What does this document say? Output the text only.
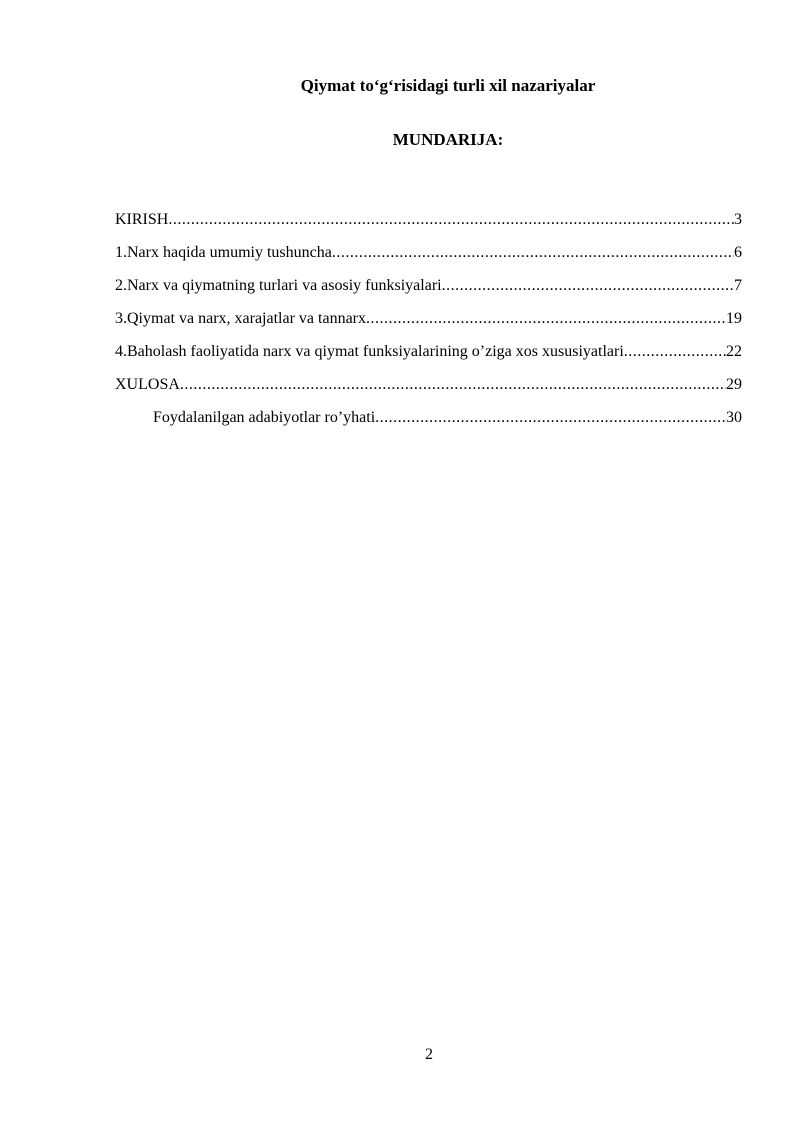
Qiymat to‘g‘risidagi turli xil nazariyalar
MUNDARIJA:
KIRISH .....	3
1.Narx haqida umumiy tushuncha .....	6
2.Narx va qiymatning turlari va asosiy funksiyalari .....	7
3.Qiymat va narx, xarajatlar va tannarx .....	19
4.Baholash faoliyatida narx va qiymat funksiyalarining o’ziga xos xususiyatlari .....	22
XULOSA .....	29
Foydalanilgan adabiyotlar ro’yhati .....	30
2
